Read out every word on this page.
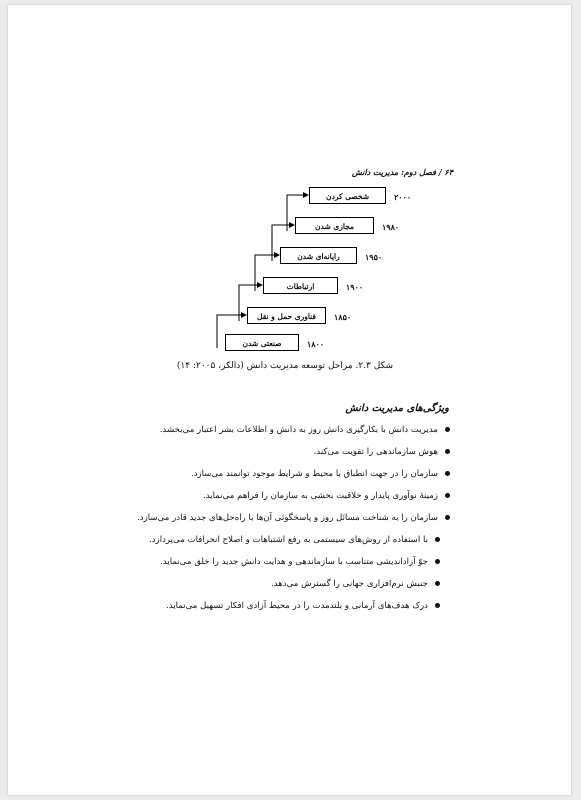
۶۴ / فصل دوم: مدیریت دانش
صنعتی شدن	۱۸۰۰
فناوری حمل و نقل	۱۸۵۰
ارتباطات	۱۹۰۰
رایانه‌ای شدن	۱۹۵۰
مجازی شدن	۱۹۸۰
شخصی کردن	۲۰۰۰
شکل ۲.۳. مراحل توسعه مدیریت دانش (دالکر، ۲۰۰۵: ۱۴)
ویژگی‌های مدیریت دانش
مدیریت دانش با بکارگیری دانش روز به دانش و اطلاعات بشر اعتبار می‌بخشد.
هوش سازماندهی را تقویت می‌کند.
سازمان را در جهت انطباق با محیط و شرایط موجود توانمند می‌سازد.
زمینهٔ نوآوری پایدار و خلاقیت بخشی به سازمان را فراهم می‌نماید.
سازمان را به شناخت مسائل روز و پاسخگوئی آن‌ها با راه‌حل‌های جدید قادر می‌سازد.
با استفاده از روش‌های سیستمی به رفع اشتباهات و اصلاح انحرافات می‌پردازد.
جوّ آزاداندیشی متناسب با سازماندهی و هدایت دانش جدید را خلق می‌نماید.
جنبش نرم‌افزاری جهانی را گسترش می‌دهد.
درک هدف‌های آرمانی و بلندمدت را در محیط آزادی افکار تسهیل می‌نماید.
